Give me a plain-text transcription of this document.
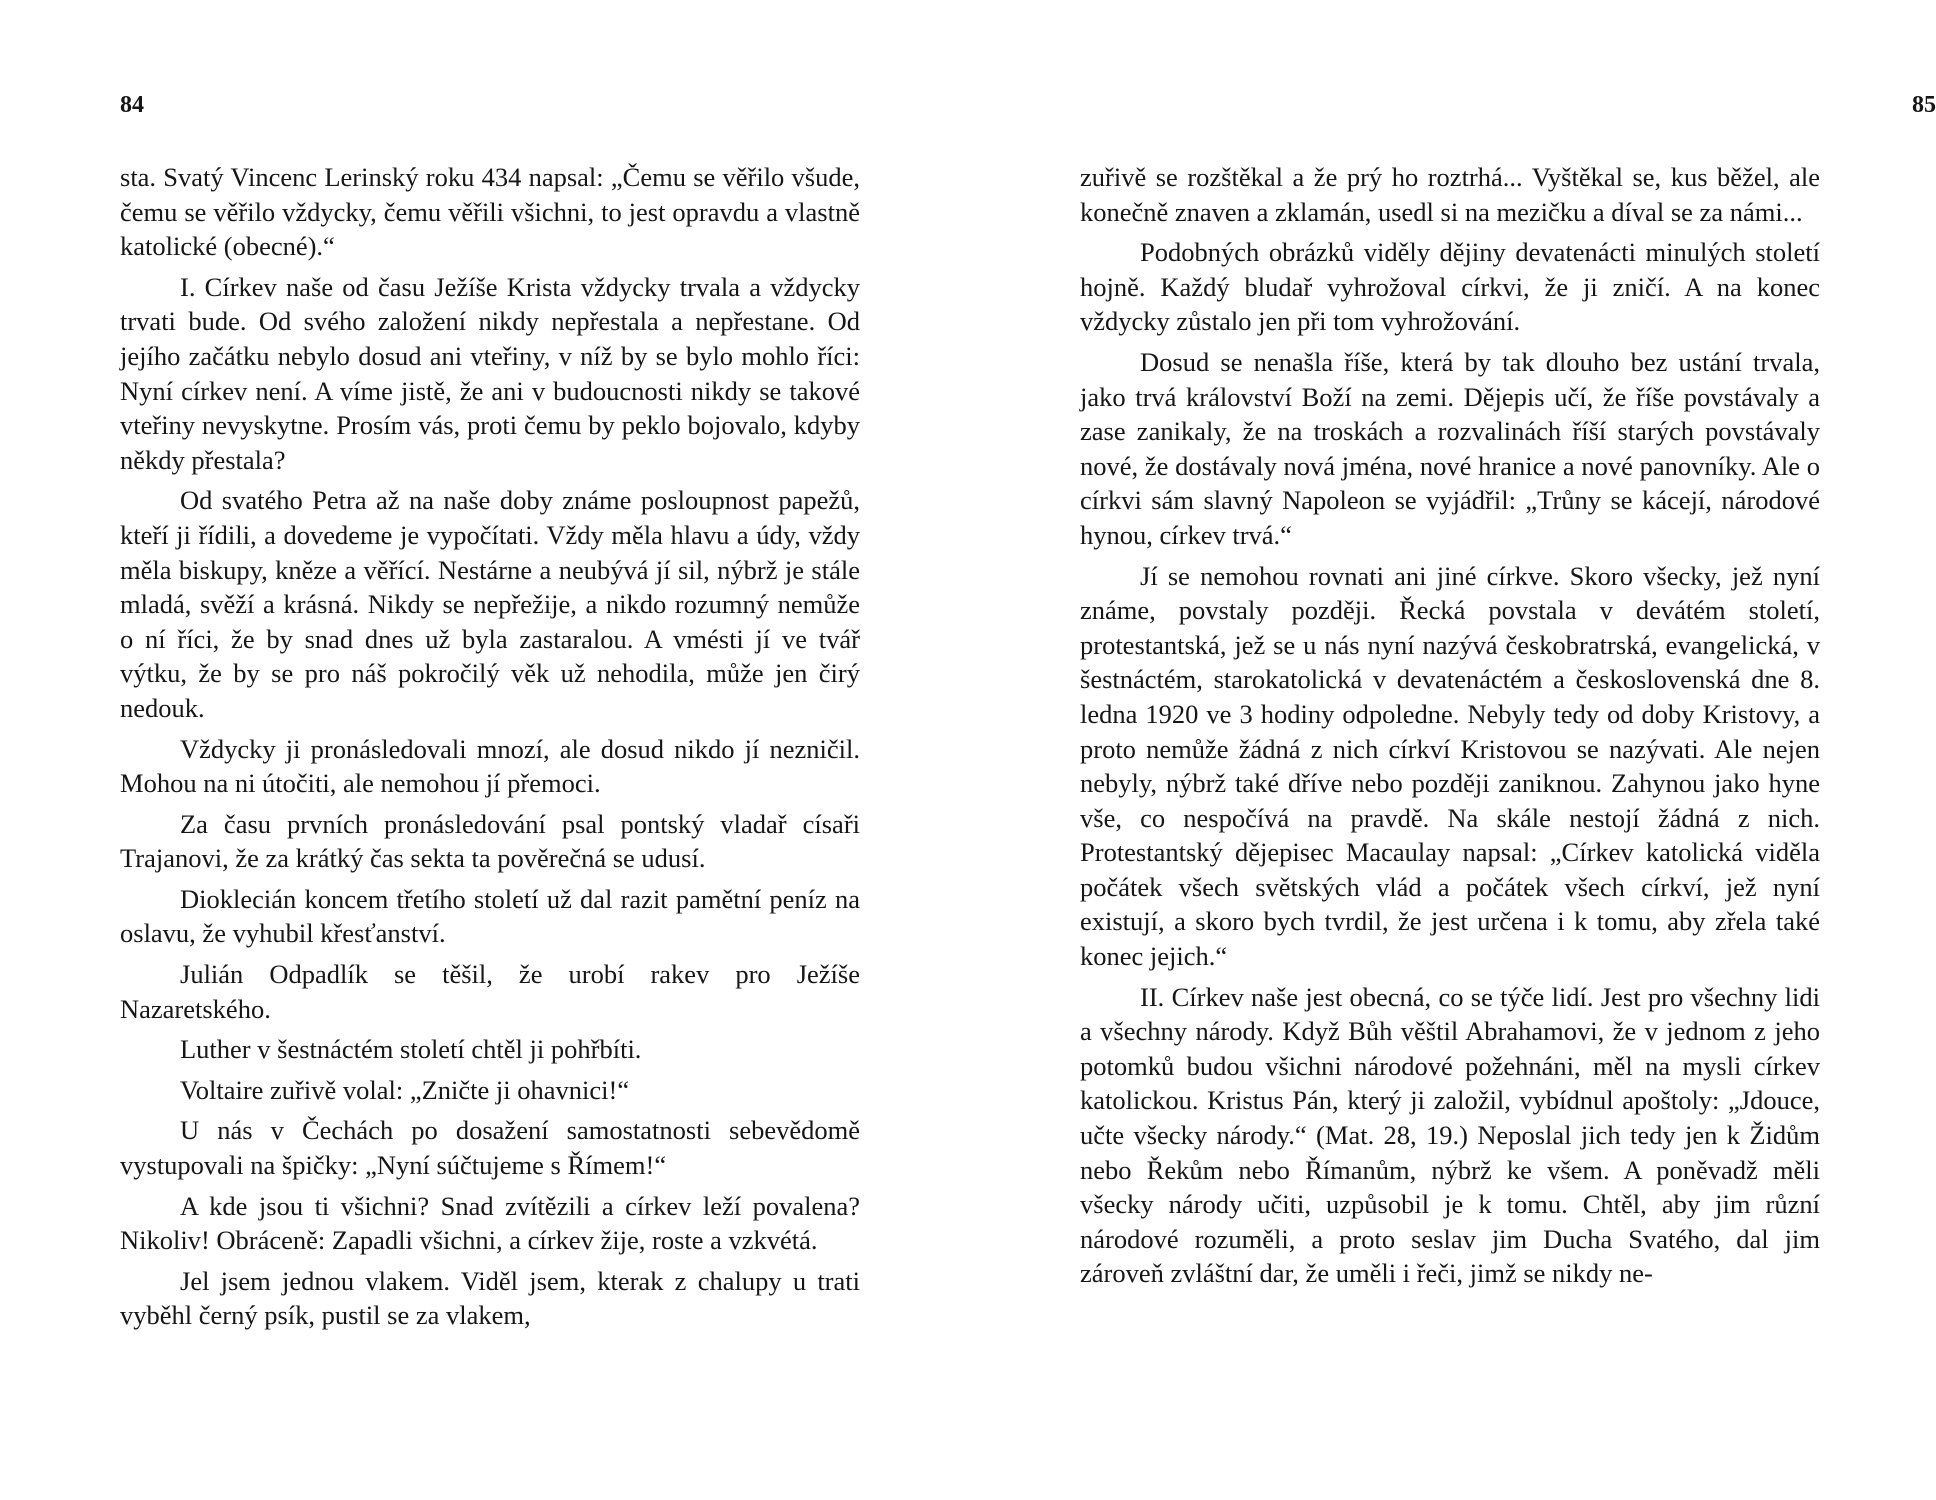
84

sta. Svatý Vincenc Lerinský roku 434 napsal: „Čemu se věřilo všude, čemu se věřilo vždycky, čemu věřili všichni, to jest opravdu a vlastně katolické (obecné).“

I. Církev naše od času Ježíše Krista vždycky trvala a vždycky trvati bude. Od svého založení nikdy nepřestala a nepřestane. Od jejího začátku nebylo dosud ani vteřiny, v níž by se bylo mohlo říci: Nyní církev není. A víme jistě, že ani v budoucnosti nikdy se takové vteřiny nevyskytne. Prosím vás, proti čemu by peklo bojovalo, kdyby někdy přestala?

Od svatého Petra až na naše doby známe posloupnost papežů, kteří ji řídili, a dovedeme je vypočítati. Vždy měla hlavu a údy, vždy měla biskupy, kněze a věřící. Nestárne a neubývá jí sil, nýbrž je stále mladá, svěží a krásná. Nikdy se nepřežije, a nikdo rozumný nemůže o ní říci, že by snad dnes už byla zastaralou. A vmésti jí ve tvář výtku, že by se pro náš pokročilý věk už nehodila, může jen čirý nedouk.

Vždycky ji pronásledovali mnozí, ale dosud nikdo jí nezničil. Mohou na ni útočiti, ale nemohou jí přemoci.

Za času prvních pronásledování psal pontský vladař císaři Trajanovi, že za krátký čas sekta ta pověrečná se udusí.

Dioklecián koncem třetího století už dal razit pamětní peníz na oslavu, že vyhubil křesťanství.

Julián Odpadlík se těšil, že urobí rakev pro Ježíše Nazaretského.

Luther v šestnáctém století chtěl ji pohřbíti.

Voltaire zuřivě volal: „Zničte ji ohavnici!“

U nás v Čechách po dosažení samostatnosti sebevědomě vystupovali na špičky: „Nyní súčtujeme s Římem!“

A kde jsou ti všichni? Snad zvítězili a církev leží povalena? Nikoliv! Obráceně: Zapadli všichni, a církev žije, roste a vzkvétá.

Jel jsem jednou vlakem. Viděl jsem, kterak z chalupy u trati vyběhl černý psík, pustil se za vlakem,

85

zuřivě se rozštěkal a že prý ho roztrhá... Vyštěkal se, kus běžel, ale konečně znaven a zklamán, usedl si na mezičku a díval se za námi...

Podobných obrázků viděly dějiny devatenácti minulých století hojně. Každý bludař vyhrožoval církvi, že ji zničí. A na konec vždycky zůstalo jen při tom vyhrožování.

Dosud se nenašla říše, která by tak dlouho bez ustání trvala, jako trvá království Boží na zemi. Dějepis učí, že říše povstávaly a zase zanikaly, že na troskách a rozvalinách říší starých povstávaly nové, že dostávaly nová jména, nové hranice a nové panovníky. Ale o církvi sám slavný Napoleon se vyjádřil: „Trůny se kácejí, národové hynou, církev trvá.“

Jí se nemohou rovnati ani jiné církve. Skoro všecky, jež nyní známe, povstaly později. Řecká povstala v devátém století, protestantská, jež se u nás nyní nazývá českobratrská, evangelická, v šestnáctém, starokatolická v devatenáctém a československá dne 8. ledna 1920 ve 3 hodiny odpoledne. Nebyly tedy od doby Kristovy, a proto nemůže žádná z nich církví Kristovou se nazývati. Ale nejen nebyly, nýbrž také dříve nebo později zaniknou. Zahynou jako hyne vše, co nespočívá na pravdě. Na skále nestojí žádná z nich. Protestantský dějepisec Macaulay napsal: „Církev katolická viděla počátek všech světských vlád a počátek všech církví, jež nyní existují, a skoro bych tvrdil, že jest určena i k tomu, aby zřela také konec jejich.“

II. Církev naše jest obecná, co se týče lidí. Jest pro všechny lidi a všechny národy. Když Bůh věštil Abrahamovi, že v jednom z jeho potomků budou všichni národové požehnáni, měl na mysli církev katolickou. Kristus Pán, který ji založil, vybídnul apoštoly: „Jdouce, učte všecky národy.“ (Mat. 28, 19.) Neposlal jich tedy jen k Židům nebo Řekům nebo Římanům, nýbrž ke všem. A poněvadž měli všecky národy učiti, uzpůsobil je k tomu. Chtěl, aby jim různí národové rozuměli, a proto seslav jim Ducha Svatého, dal jim zároveň zvláštní dar, že uměli i řeči, jimž se nikdy ne-
